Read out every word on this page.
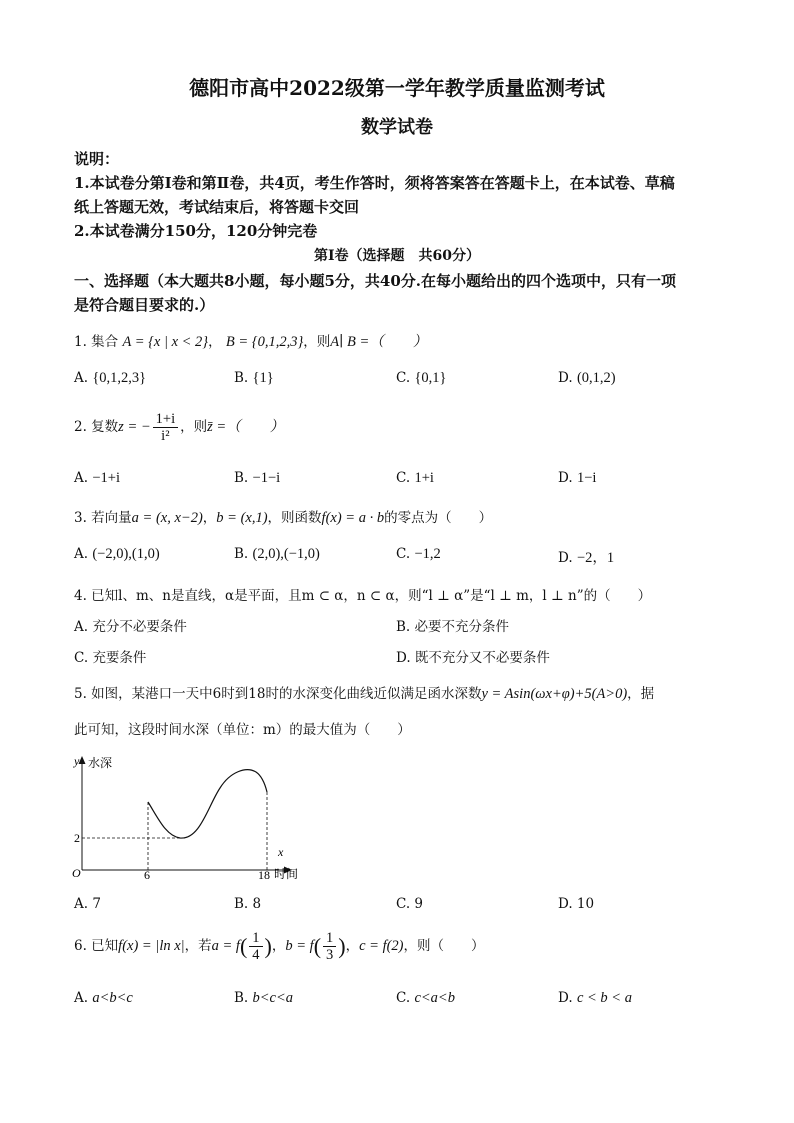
德阳市高中2022级第一学年教学质量监测考试
数学试卷
说明：
1.本试卷分第Ⅰ卷和第Ⅱ卷，共4页，考生作答时，须将答案答在答题卡上，在本试卷、草稿
纸上答题无效，考试结束后，将答题卡交回
2.本试卷满分150分，120分钟完卷
第Ⅰ卷（选择题　共60分）
一、选择题（本大题共8小题，每小题5分，共40分.在每小题给出的四个选项中，只有一项
是符合题目要求的.）
1. 集合 A = {x | x < 2}， B = {0,1,2,3}，则A∣ B =（　　）
A. {0,1,2,3}	B. {1}	C. {0,1}	D. (0,1,2)
2. 复数z = − $\frac{1+i}{\text{i²}}$ ，则z̄ =（　　）
A. −1+i	B. −1−i	C. 1+i	D. 1−i
3. 若向量a = (x, x−2)，b = (x,1)，则函数f(x) = a · b的零点为（　　）
A. (−2,0),(1,0)	B. (2,0),(−1,0)	C. −1,2	D. −2，1
4. 已知l、m、n是直线，α是平面，且m ⊂ α，n ⊂ α，则“l ⊥ α”是“l ⊥ m，l ⊥ n”的（　　）
A. 充分不必要条件	B. 必要不充分条件
C. 充要条件	D. 既不充分又不必要条件
5. 如图，某港口一天中6时到18时的水深变化曲线近似满足函水深数y = Asin(ωx+φ)+5(A>0)，据
此可知，这段时间水深（单位：m）的最大值为（　　）
y 水深
x
时间
O	6	18
2
A. 7	B. 8	C. 9	D. 10
6. 已知f(x) = |ln x|，若$a = f( \frac{1}{4}$ )，$b = f( \frac{1}{3}$ )，c = f(2)，则（　　）
A. a<b<c	B. b<c<a	C. c<a<b	D. c < b < a
